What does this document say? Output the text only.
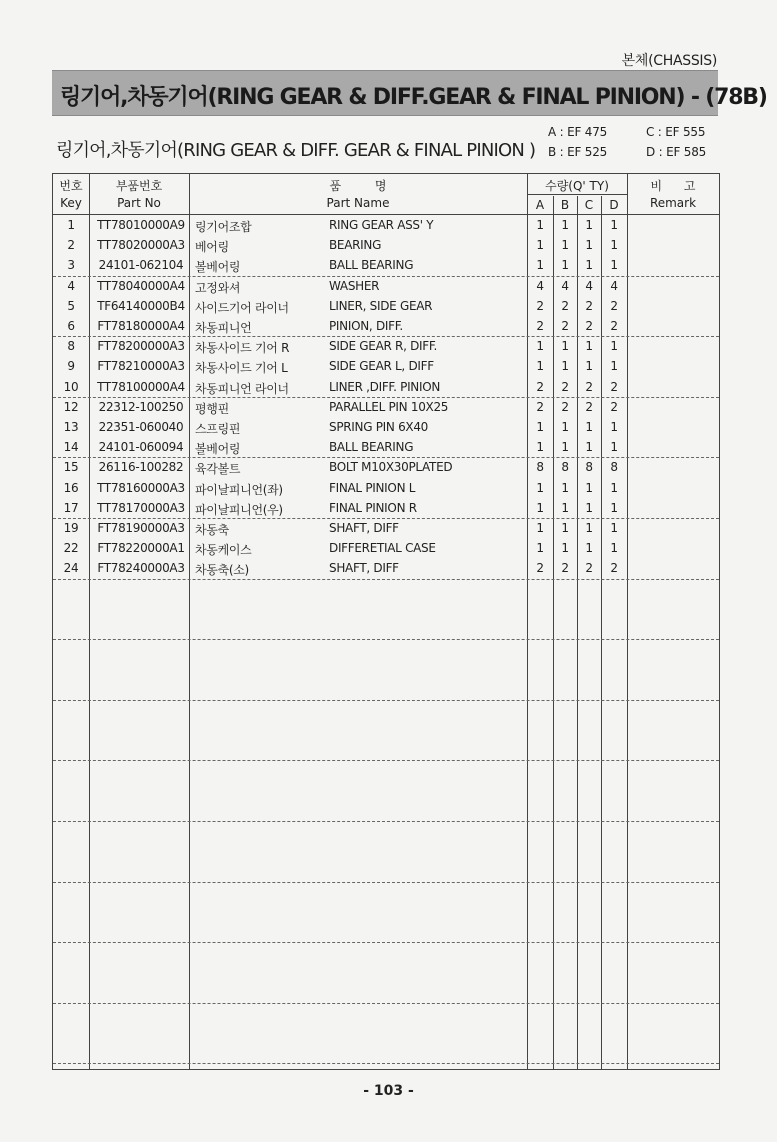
본체(CHASSIS)
링기어,차동기어(RING GEAR & DIFF.GEAR & FINAL PINION) - (78B)
링기어,차동기어(RING GEAR & DIFF. GEAR & FINAL PINION )
A : EF 475
B : EF 525
C : EF 555
D : EF 585
번호
Key
부품번호
Part No
품 명
Part Name
수량(Q' TY)
A	B	C	D
비 고
Remark
1	TT78010000A9 링기어조합	RING GEAR ASS' Y	1	1	1	1
2	TT78020000A3 베어링	BEARING	1	1	1	1
3	24101-062104 볼베어링	BALL BEARING	1	1	1	1
4	TT78040000A4 고정와셔	WASHER	4	4	4	4
5	TF64140000B4 사이드기어 라이너	LINER, SIDE GEAR	2	2	2	2
6	FT78180000A4 차동피니언	PINION, DIFF.	2	2	2	2
8	FT78200000A3 차동사이드 기어 R	SIDE GEAR R, DIFF.	1	1	1	1
9	FT78210000A3 차동사이드 기어 L	SIDE GEAR L, DIFF	1	1	1	1
10	TT78100000A4 차동피니언 라이너	LINER ,DIFF. PINION	2	2	2	2
12	22312-100250 평행핀	PARALLEL PIN 10X25	2	2	2	2
13	22351-060040 스프링핀	SPRING PIN 6X40	1	1	1	1
14	24101-060094 볼베어링	BALL BEARING	1	1	1	1
15	26116-100282 육각볼트	BOLT M10X30PLATED	8	8	8	8
16	TT78160000A3 파이날피니언(좌)	FINAL PINION L	1	1	1	1
17	TT78170000A3 파이날피니언(우)	FINAL PINION R	1	1	1	1
19	FT78190000A3 차동축	SHAFT, DIFF	1	1	1	1
22	FT78220000A1 차동케이스	DIFFERETIAL CASE	1	1	1	1
24	FT78240000A3 차동축(소)	SHAFT, DIFF	2	2	2	2
- 103 -
